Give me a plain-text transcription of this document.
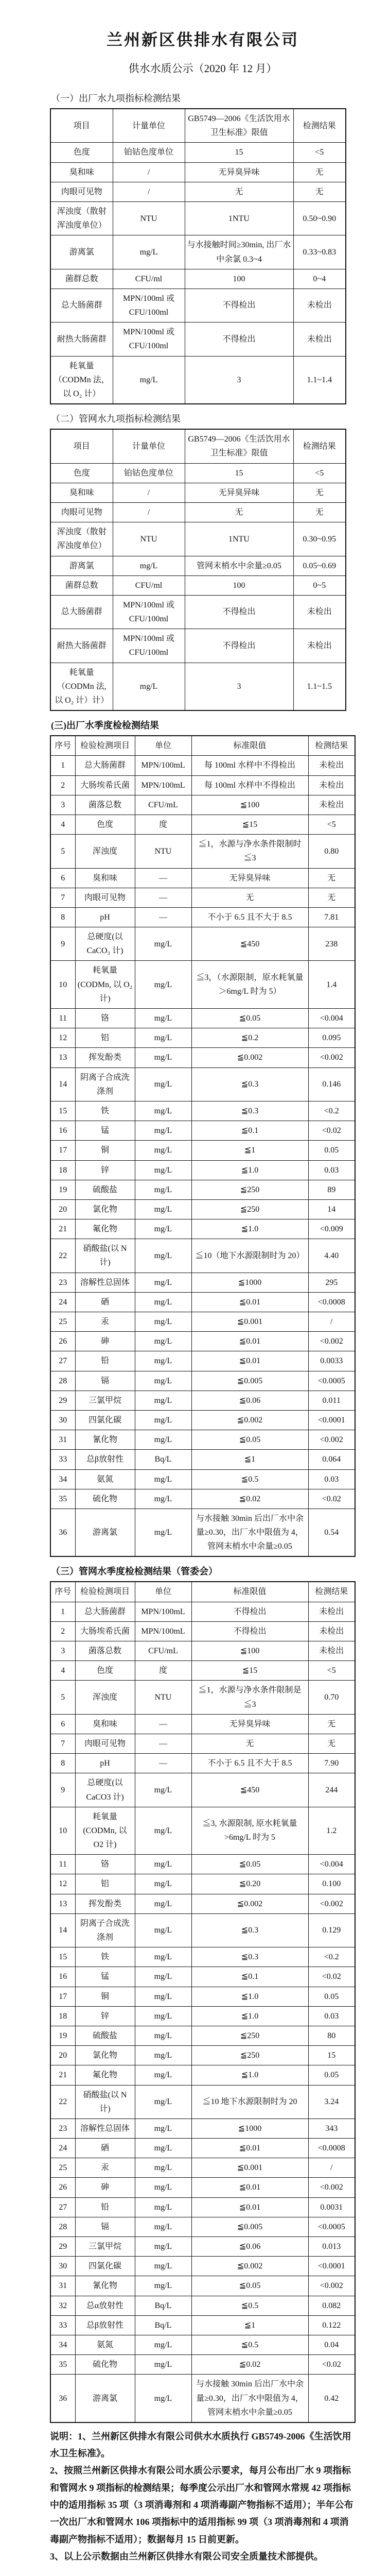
兰州新区供排水有限公司
供水水质公示（2020 年 12 月）
（一）出厂水九项指标检测结果
项目	计量单位	GB5749—2006《生活饮用水卫生标准》限值	检测结果
色度	铂钴色度单位	15	<5
臭和味	/	无异臭异味	无
肉眼可见物	/	无	无
浑浊度（散射浑浊度单位）	NTU	1NTU	0.50~0.90
游离氯	mg/L	与水接触时间≥30min, 出厂水中余氯 0.3~4	0.33~0.83
菌群总数	CFU/ml	100	0~4
总大肠菌群	MPN/100ml 或 CFU/100ml	不得检出	未检出
耐热大肠菌群	MPN/100ml 或 CFU/100ml	不得检出	未检出
耗氧量（CODMn 法，以 O₂ 计）	mg/L	3	1.1~1.4
（二）管网水九项指标检测结果
项目	计量单位	GB5749—2006《生活饮用水卫生标准》限值	检测结果
色度	铂钴色度单位	15	<5
臭和味	/	无异臭异味	无
肉眼可见物	/	无	无
浑浊度（散射浑浊度单位）	NTU	1NTU	0.30~0.95
游离氯	mg/L	管网末梢水中余量≥0.05	0.05~0.69
菌群总数	CFU/ml	100	0~5
总大肠菌群	MPN/100ml 或 CFU/100ml	不得检出	未检出
耐热大肠菌群	MPN/100ml 或 CFU/100ml	不得检出	未检出
耗氧量（CODMn 法, 以 O₂ 计）计）	mg/L	3	1.1~1.5
(三)出厂水季度检检测结果
序号	检验检测项目	单位	标准限值	检测结果
1	总大肠菌群	MPN/100mL	每 100ml 水样中不得检出	未检出
2	大肠埃希氏菌	MPN/100mL	每 100ml 水样中不得检出	未检出
3	菌落总数	CFU/mL	≦100	未检出
4	色度	度	≦15	<5
5	浑浊度	NTU	≦1，水源与净水条件限制时≦3	0.80
6	臭和味	—	无异臭异味	无
7	肉眼可见物	—	无	无
8	pH	—	不小于 6.5 且不大于 8.5	7.81
9	总硬度(以 CaCO₃ 计)	mg/L	≦450	238
10	耗氧量(CODMn, 以 O₂ 计)	mg/L	≦3，（水源限制，原水耗氧量＞6mg/L 时为 5）	1.4
11	铬	mg/L	≦0.05	<0.004
12	铝	mg/L	≦0.2	0.095
13	挥发酚类	mg/L	≦0.002	<0.002
14	阴离子合成洗涤剂	mg/L	≦0.3	0.146
15	铁	mg/L	≦0.3	<0.2
16	锰	mg/L	≦0.1	<0.02
17	铜	mg/L	≦1	0.05
18	锌	mg/L	≦1.0	0.03
19	硫酸盐	mg/L	≦250	89
20	氯化物	mg/L	≦250	14
21	氟化物	mg/L	≦1.0	<0.009
22	硝酸盐(以 N 计)	mg/L	≦10（地下水源限制时为 20）	4.40
23	溶解性总固体	mg/L	≦1000	295
24	硒	mg/L	≦0.01	<0.0008
25	汞	mg/L	≦0.001	/
26	砷	mg/L	≦0.01	<0.002
27	铅	mg/L	≦0.01	0.0033
28	镉	mg/L	≦0.005	<0.0005
29	三氯甲烷	mg/L	≦0.06	0.011
30	四氯化碳	mg/L	≦0.002	<0.0001
31	氰化物	mg/L	≦0.05	<0.002
33	总β放射性	Bq/L	≦1	0.064
34	氨氮	mg/L	≦0.5	0.03
35	硫化物	mg/L	≦0.02	<0.02
36	游离氯	mg/L	与水接触 30min 后出厂水中余量≥0.30，出厂水中限值为 4，管网末梢水中余量≥0.05	0.54
（三）管网水季度检检测结果（管委会）
序号	检验检测项目	单位	标准限值	检测结果
1	总大肠菌群	MPN/100mL	不得检出	未检出
2	大肠埃希氏菌	MPN/100mL	不得检出	未检出
3	菌落总数	CFU/mL	≦100	未检出
4	色度	度	≦15	<5
5	浑浊度	NTU	≦1，水源与净水条件限制是≦3	0.70
6	臭和味	—	无异臭异味	无
7	肉眼可见物	—	无	无
8	pH	—	不小于 6.5 且不大于 8.5	7.90
9	总硬度(以 CaCO3 计)	mg/L	≦450	244
10	耗氧量(CODMn, 以 O2 计)	mg/L	≦3, 水源限制, 原水耗氧量>6mg/L 时为 5	1.2
11	铬	mg/L	≦0.05	<0.004
12	铝	mg/L	≦0.20	0.100
13	挥发酚类	mg/L	≦0.002	<0.002
14	阴离子合成洗涤剂	mg/L	≦0.3	0.129
15	铁	mg/L	≦0.3	<0.2
16	锰	mg/L	≦0.1	<0.02
17	铜	mg/L	≦1.0	0.05
18	锌	mg/L	≦1.0	0.03
19	硫酸盐	mg/L	≦250	80
20	氯化物	mg/L	≦250	15
21	氟化物	mg/L	≦1.0	0.05
22	硝酸盐(以 N 计)	mg/L	≦10 地下水源限制时为 20	3.24
23	溶解性总固体	mg/L	≦1000	343
24	硒	mg/L	≦0.01	<0.0008
25	汞	mg/L	≦0.001	/
26	砷	mg/L	≦0.01	<0.002
27	铅	mg/L	≦0.01	0.0031
28	镉	mg/L	≦0.005	<0.0005
29	三氯甲烷	mg/L	≦0.06	0.013
30	四氯化碳	mg/L	≦0.002	<0.0001
31	氰化物	mg/L	≦0.05	<0.002
32	总α放射性	Bq/L	≦0.5	0.082
33	总β放射性	Bq/L	≦1	0.122
34	氨氮	mg/L	≦0.5	0.04
35	硫化物	mg/L	≦0.02	<0.02
36	游离氯	mg/L	与水接触 30min 后出厂水中余量≥0.30，出厂水中限值为 4，管网末梢水中余量≥0.05	0.42

说明：1、兰州新区供排水有限公司供水水质执行 GB5749-2006《生活饮用水卫生标准》。

2、按照兰州新区供排水有限公司水质公示要求，每月公布出厂水 9 项指标和管网水 9 项指标的检测结果；每季度公示出厂水和管网水常规 42 项指标中的适用指标 35 项（3 项消毒剂和 4 项消毒副产物指标不适用）；半年公布一次出厂水和管网水 106 项指标中的适用指标 99 项（3 项消毒剂和 4 项消毒副产物指标不适用）；数据每月 15 日前更新。

3、以上公示数据由兰州新区供排水有限公司安全质量技术部提供。
